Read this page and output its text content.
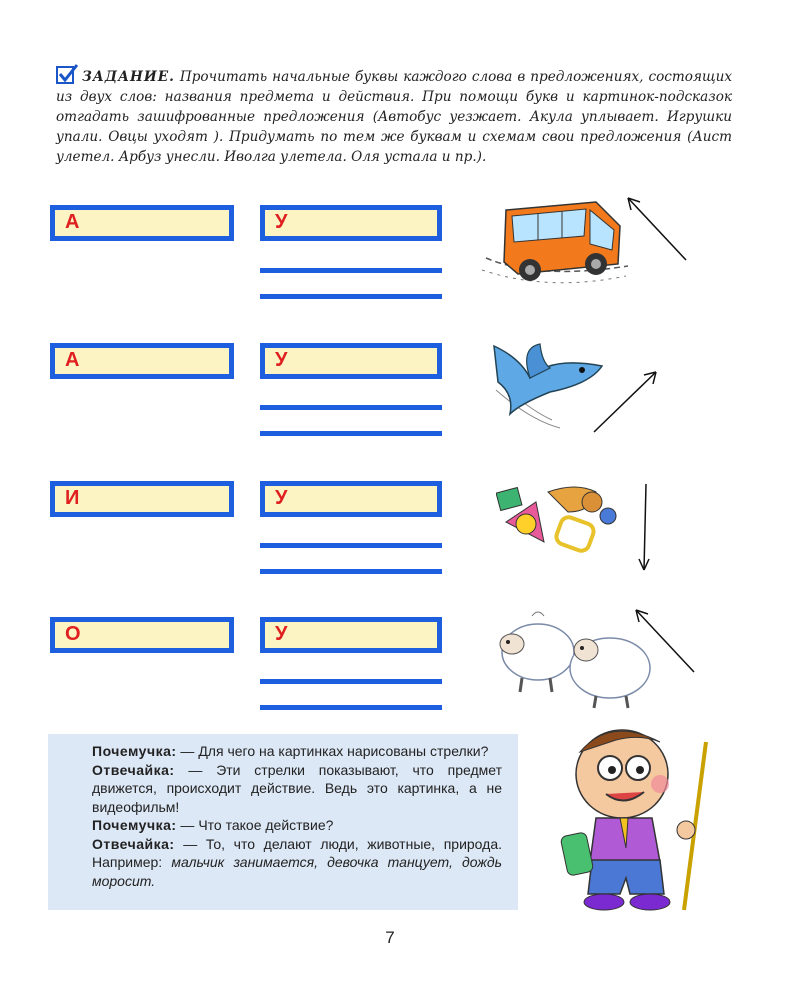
ЗАДАНИЕ. Прочитать начальные буквы каждого слова в предложениях, состоящих из двух слов: названия предмета и действия. При помощи букв и картинок-подсказок отгадать зашифрованные предложения (Автобус уезжает. Акула уплывает. Игрушки упали. Овцы уходят ). Придумать по тем же буквам и схемам свои предложения (Аист улетел. Арбуз унесли. Иволга улетела. Оля устала и пр.).
А	У
А	У
И	У
О	У

Почемучка: — Для чего на картинках нарисованы стрелки?

Отвечайка: — Эти стрелки показывают, что предмет движется, происходит действие. Ведь это картинка, а не видеофильм!

Почемучка: — Что такое действие?

Отвечайка: — То, что делают люди, животные, природа. Например: мальчик занимается, девочка танцует, дождь моросит.

7
